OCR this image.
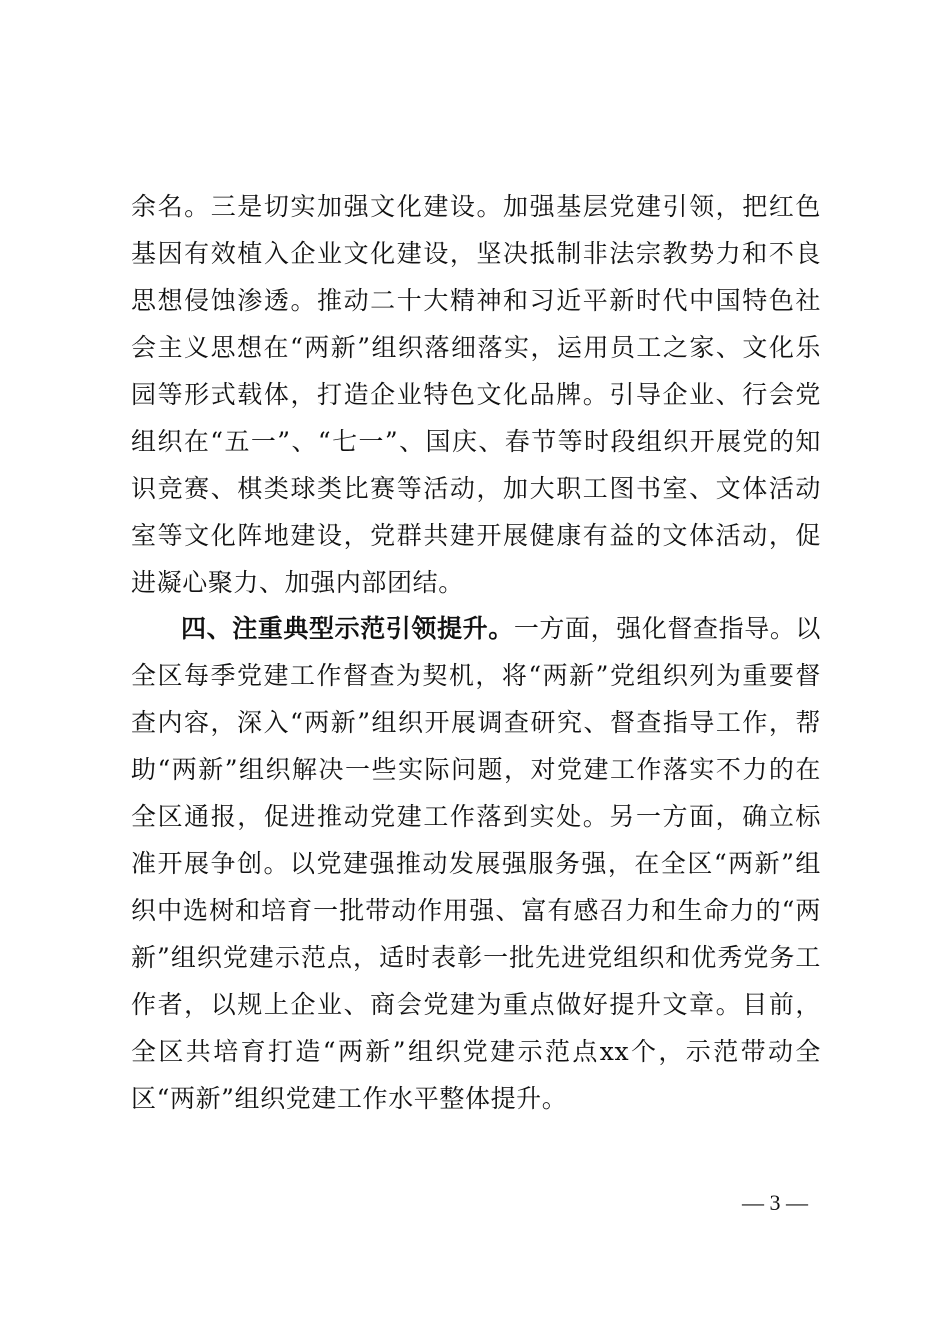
余名。三是切实加强文化建设。加强基层党建引领，把红色基因有效植入企业文化建设，坚决抵制非法宗教势力和不良思想侵蚀渗透。推动二十大精神和习近平新时代中国特色社会主义思想在“两新”组织落细落实，运用员工之家、文化乐园等形式载体，打造企业特色文化品牌。引导企业、行会党组织在“五一”、“七一”、国庆、春节等时段组织开展党的知识竞赛、棋类球类比赛等活动，加大职工图书室、文体活动室等文化阵地建设，党群共建开展健康有益的文体活动，促进凝心聚力、加强内部团结。
四、注重典型示范引领提升。一方面，强化督查指导。以全区每季党建工作督查为契机，将“两新”党组织列为重要督查内容，深入“两新”组织开展调查研究、督查指导工作，帮助“两新”组织解决一些实际问题，对党建工作落实不力的在全区通报，促进推动党建工作落到实处。另一方面，确立标准开展争创。以党建强推动发展强服务强，在全区“两新”组织中选树和培育一批带动作用强、富有感召力和生命力的“两新”组织党建示范点，适时表彰一批先进党组织和优秀党务工作者，以规上企业、商会党建为重点做好提升文章。目前，全区共培育打造“两新”组织党建示范点xx个，示范带动全区“两新”组织党建工作水平整体提升。
— 3 —
